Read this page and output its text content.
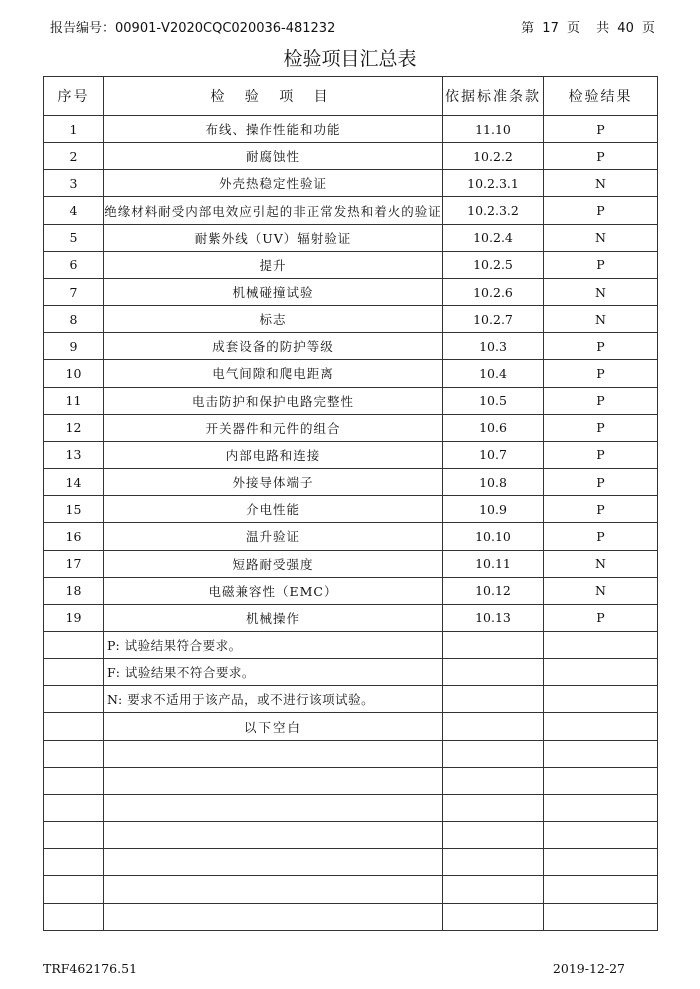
报告编号：00901-V2020CQC020036-481232	第 17 页 共 40 页
检验项目汇总表
序号	检 验 项 目	依据标准条款	检验结果
1	布线、操作性能和功能	11.10	P
2	耐腐蚀性	10.2.2	P
3	外壳热稳定性验证	10.2.3.1	N
4	绝缘材料耐受内部电效应引起的非正常发热和着火的验证	10.2.3.2	P
5	耐紫外线（UV）辐射验证	10.2.4	N
6	提升	10.2.5	P
7	机械碰撞试验	10.2.6	N
8	标志	10.2.7	N
9	成套设备的防护等级	10.3	P
10	电气间隙和爬电距离	10.4	P
11	电击防护和保护电路完整性	10.5	P
12	开关器件和元件的组合	10.6	P
13	内部电路和连接	10.7	P
14	外接导体端子	10.8	P
15	介电性能	10.9	P
16	温升验证	10.10	P
17	短路耐受强度	10.11	N
18	电磁兼容性（EMC）	10.12	N
19	机械操作	10.13	P
	P: 试验结果符合要求。		
	F: 试验结果不符合要求。		
	N: 要求不适用于该产品，或不进行该项试验。		
	以下空白		

TRF462176.51	2019-12-27
